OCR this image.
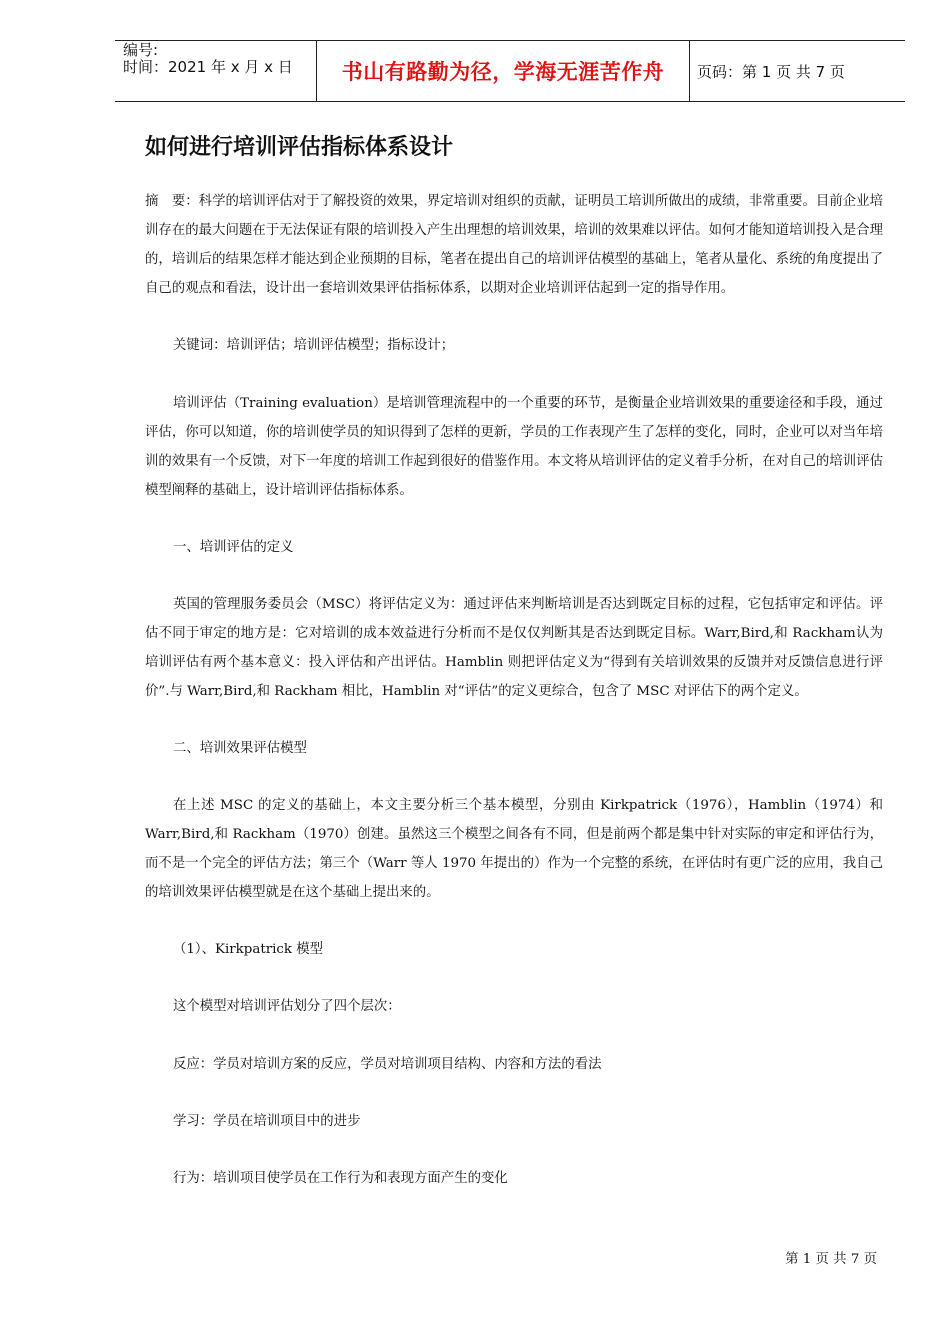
编号:
时间：2021 年 x 月 x 日	书山有路勤为径，学海无涯苦作舟	页码：第 1 页 共 7 页
如何进行培训评估指标体系设计
摘　要：科学的培训评估对于了解投资的效果，界定培训对组织的贡献，证明员工培训所做出的成绩，非常重要。目前企业培训存在的最大问题在于无法保证有限的培训投入产生出理想的培训效果，培训的效果难以评估。如何才能知道培训投入是合理的，培训后的结果怎样才能达到企业预期的目标，笔者在提出自己的培训评估模型的基础上，笔者从量化、系统的角度提出了自己的观点和看法，设计出一套培训效果评估指标体系，以期对企业培训评估起到一定的指导作用。
关键词：培训评估；培训评估模型；指标设计；
培训评估（Training evaluation）是培训管理流程中的一个重要的环节，是衡量企业培训效果的重要途径和手段，通过评估，你可以知道，你的培训使学员的知识得到了怎样的更新，学员的工作表现产生了怎样的变化，同时，企业可以对当年培训的效果有一个反馈，对下一年度的培训工作起到很好的借鉴作用。本文将从培训评估的定义着手分析，在对自己的培训评估模型阐释的基础上，设计培训评估指标体系。
一、培训评估的定义
英国的管理服务委员会（MSC）将评估定义为：通过评估来判断培训是否达到既定目标的过程，它包括审定和评估。评估不同于审定的地方是：它对培训的成本效益进行分析而不是仅仅判断其是否达到既定目标。Warr,Bird,和 Rackham认为培训评估有两个基本意义：投入评估和产出评估。Hamblin 则把评估定义为“得到有关培训效果的反馈并对反馈信息进行评价”.与 Warr,Bird,和 Rackham 相比，Hamblin 对“评估”的定义更综合，包含了 MSC 对评估下的两个定义。
二、培训效果评估模型
在上述 MSC 的定义的基础上，本文主要分析三个基本模型，分别由 Kirkpatrick（1976），Hamblin（1974）和Warr,Bird,和 Rackham（1970）创建。虽然这三个模型之间各有不同，但是前两个都是集中针对实际的审定和评估行为，而不是一个完全的评估方法；第三个（Warr 等人 1970 年提出的）作为一个完整的系统，在评估时有更广泛的应用，我自己的培训效果评估模型就是在这个基础上提出来的。
（1）、Kirkpatrick 模型
这个模型对培训评估划分了四个层次：
反应：学员对培训方案的反应，学员对培训项目结构、内容和方法的看法
学习：学员在培训项目中的进步
行为：培训项目使学员在工作行为和表现方面产生的变化
第 1 页 共 7 页
